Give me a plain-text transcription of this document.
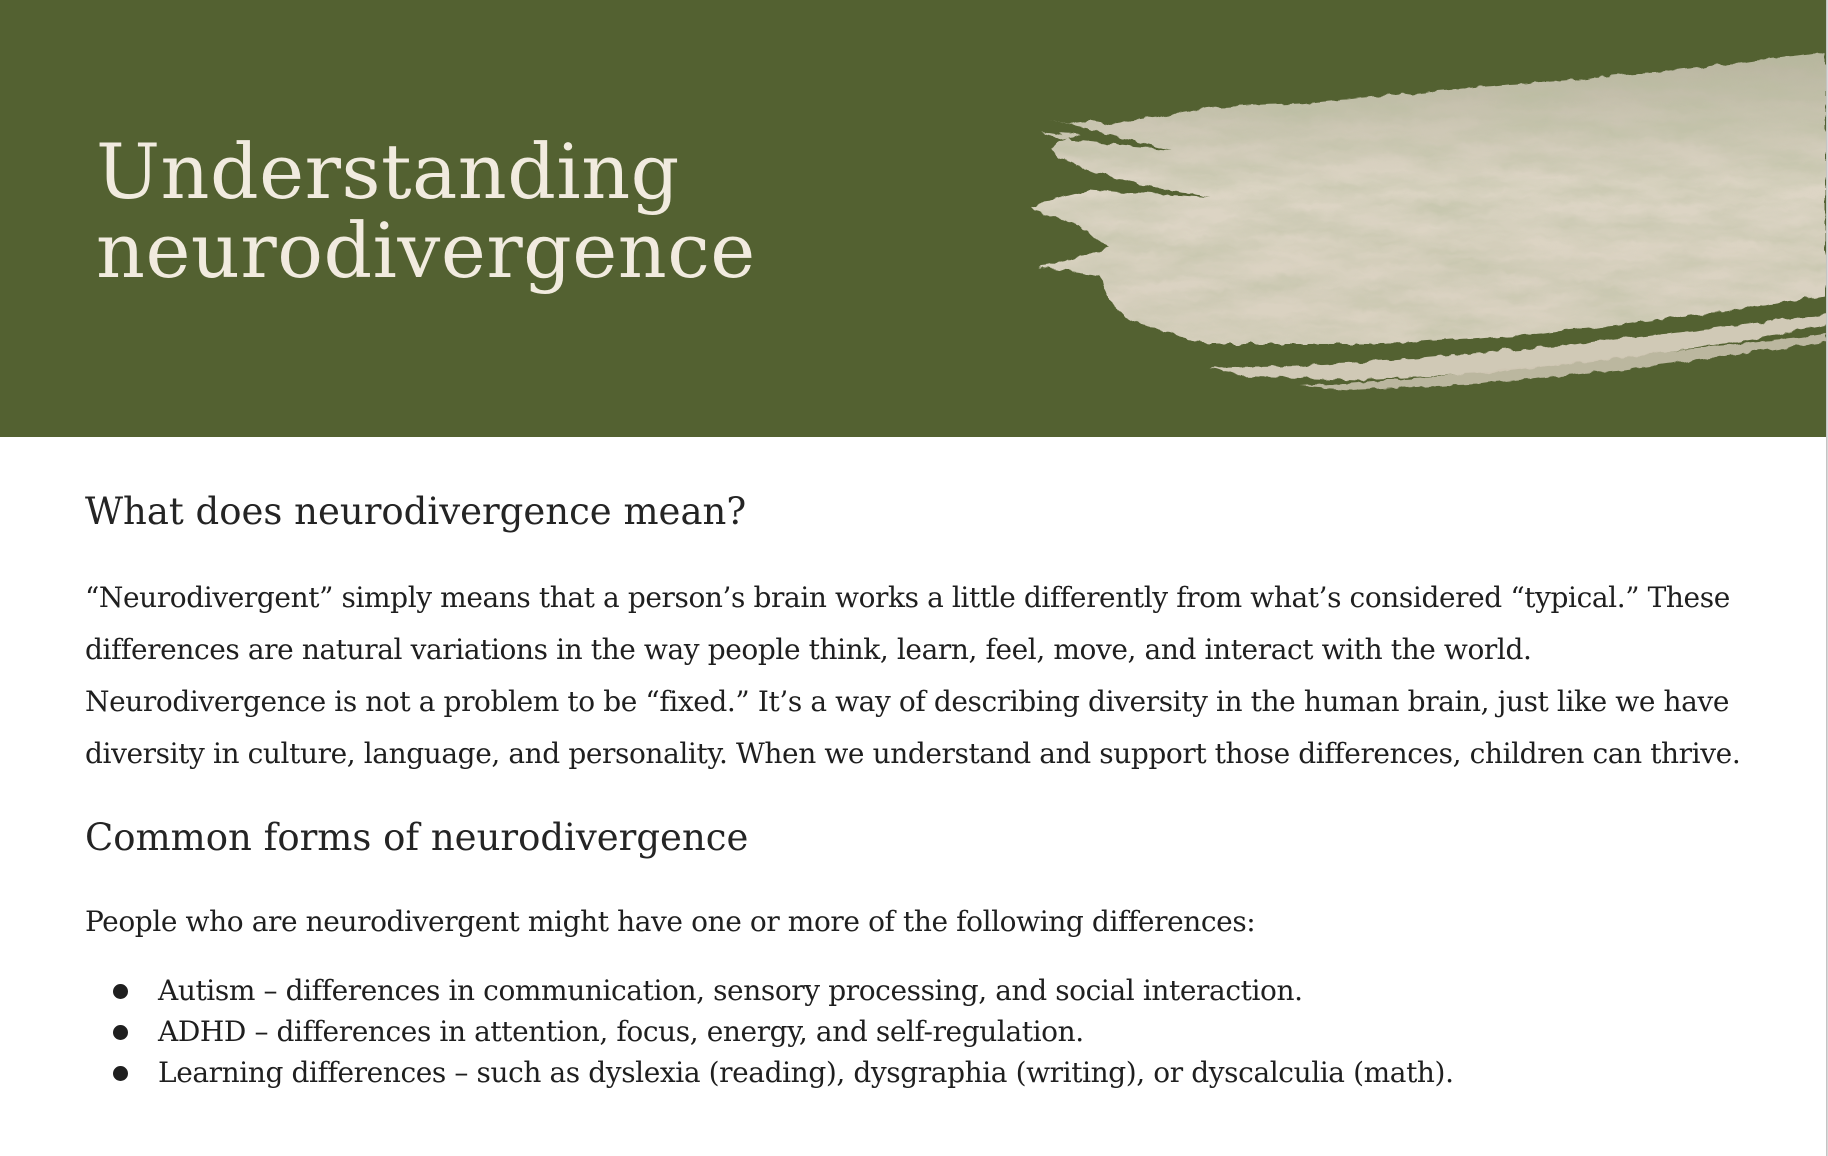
Understanding
neurodivergence
What does neurodivergence mean?

“Neurodivergent” simply means that a person’s brain works a little differently from what’s considered “typical.” These differences are natural variations in the way people think, learn, feel, move, and interact with the world. Neurodivergence is not a problem to be “fixed.” It’s a way of describing diversity in the human brain, just like we have diversity in culture, language, and personality. When we understand and support those differences, children can thrive.

Common forms of neurodivergence

People who are neurodivergent might have one or more of the following differences:

Autism – differences in communication, sensory processing, and social interaction.
ADHD – differences in attention, focus, energy, and self-regulation.
Learning differences – such as dyslexia (reading), dysgraphia (writing), or dyscalculia (math).
